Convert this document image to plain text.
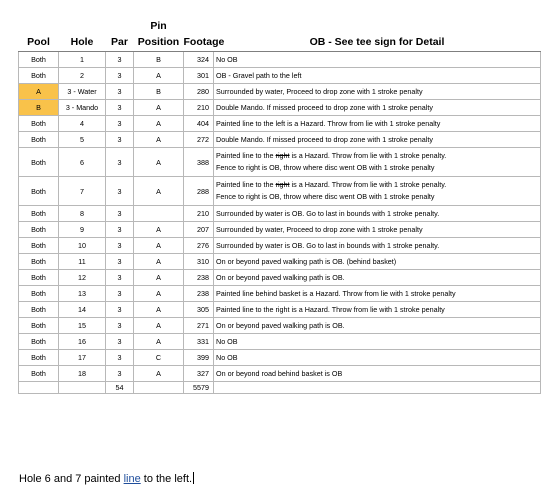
Pool	Hole	Par	Pin
Position	Footage	OB - See tee sign for Detail
Both	1	3	B	324	No OB
Both	2	3	A	301	OB - Gravel path to the left
A	3 - Water	3	B	280	Surrounded by water, Proceed to drop zone with 1 stroke penalty
B	3 - Mando	3	A	210	Double Mando. If missed proceed to drop zone with 1 stroke penalty
Both	4	3	A	404	Painted line to the left is a Hazard. Throw from lie with 1 stroke penalty
Both	5	3	A	272	Double Mando. If missed proceed to drop zone with 1 stroke penalty
Both	6	3	A	388	Painted line to the right is a Hazard. Throw from lie with 1 stroke penalty.
Fence to right is OB, throw where disc went OB with 1 stroke penalty

Both	7	3	A	288	Painted line to the right is a Hazard. Throw from lie with 1 stroke penalty.
Fence to right is OB, throw where disc went OB with 1 stroke penalty

Both	8	3		210	Surrounded by water is OB. Go to last in bounds with 1 stroke penalty.
Both	9	3	A	207	Surrounded by water, Proceed to drop zone with 1 stroke penalty
Both	10	3	A	276	Surrounded by water is OB. Go to last in bounds with 1 stroke penalty.
Both	11	3	A	310	On or beyond paved walking path is OB. (behind basket)
Both	12	3	A	238	On or beyond paved walking path is OB.
Both	13	3	A	238	Painted line behind basket is a Hazard. Throw from lie with 1 stroke penalty
Both	14	3	A	305	Painted line to the right is a Hazard. Throw from lie with 1 stroke penalty
Both	15	3	A	271	On or beyond paved walking path is OB.
Both	16	3	A	331	No OB
Both	17	3	C	399	No OB
Both	18	3	A	327	On or beyond road behind basket is OB
		54		5579	
Hole 6 and 7 painted line to the left.
